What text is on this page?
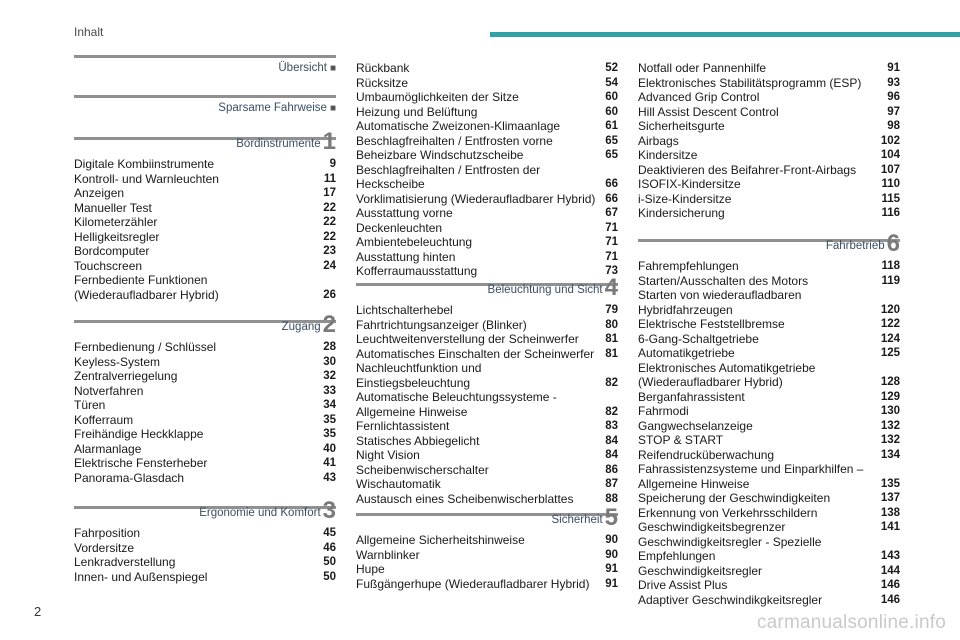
Inhalt
Übersicht ■
Sparsame Fahrweise ■
Bordinstrumente1
Digitale Kombiinstrumente	9
Kontroll- und Warnleuchten	11
Anzeigen	17
Manueller Test	22
Kilometerzähler	22
Helligkeitsregler	22
Bordcomputer	23
Touchscreen	24
Fernbediente Funktionen
(Wiederaufladbarer Hybrid)	26
Zugang2
Fernbedienung / Schlüssel	28
Keyless-System	30
Zentralverriegelung	32
Notverfahren	33
Türen	34
Kofferraum	35
Freihändige Heckklappe	35
Alarmanlage	40
Elektrische Fensterheber	41
Panorama-Glasdach	43
Ergonomie und Komfort3
Fahrposition	45
Vordersitze	46
Lenkradverstellung	50
Innen- und Außenspiegel	50
Rückbank	52
Rücksitze	54
Umbaumöglichkeiten der Sitze	60
Heizung und Belüftung	60
Automatische Zweizonen-Klimaanlage	61
Beschlagfreihalten / Entfrosten vorne	65
Beheizbare Windschutzscheibe	65
Beschlagfreihalten / Entfrosten der Heckscheibe	66
Vorklimatisierung (Wiederaufladbarer Hybrid) 66
Ausstattung vorne	67
Deckenleuchten	71
Ambientebeleuchtung	71
Ausstattung hinten	71
Kofferraumausstattung	73
Beleuchtung und Sicht4
Lichtschalterhebel	79
Fahrtrichtungsanzeiger (Blinker)	80
Leuchtweitenverstellung der Scheinwerfer	81
Automatisches Einschalten der Scheinwerfer 81
Nachleuchtfunktion und Einstiegsbeleuchtung	82
Automatische Beleuchtungssysteme -
Allgemeine Hinweise	82
Fernlichtassistent	83
Statisches Abbiegelicht	84
Night Vision	84
Scheibenwischerschalter	86
Wischautomatik	87
Austausch eines Scheibenwischerblattes	88
Sicherheit5
Allgemeine Sicherheitshinweise	90
Warnblinker	90
Hupe	91
Fußgängerhupe (Wiederaufladbarer Hybrid)	91
Notfall oder Pannenhilfe	91
Elektronisches Stabilitätsprogramm (ESP)	93
Advanced Grip Control	96
Hill Assist Descent Control	97
Sicherheitsgurte	98
Airbags	102
Kindersitze	104
Deaktivieren des Beifahrer-Front-Airbags	107
ISOFIX-Kindersitze	110
i-Size-Kindersitze	115
Kindersicherung	116
Fahrbetrieb6
Fahrempfehlungen	118
Starten/Ausschalten des Motors	119
Starten von wiederaufladbaren Hybridfahrzeugen	120
Elektrische Feststellbremse	122
6-Gang-Schaltgetriebe	124
Automatikgetriebe	125
Elektronisches Automatikgetriebe
(Wiederaufladbarer Hybrid)	128
Berganfahrassistent	129
Fahrmodi	130
Gangwechselanzeige	132
STOP & START	132
Reifendrucküberwachung	134
Fahrassistenzsysteme und Einparkhilfen –
Allgemeine Hinweise	135
Speicherung der Geschwindigkeiten	137
Erkennung von Verkehrsschildern	138
Geschwindigkeitsbegrenzer	141
Geschwindigkeitsregler - Spezielle
Empfehlungen	143
Geschwindigkeitsregler	144
Drive Assist Plus	146
Adaptiver Geschwindikgkeitsregler	146
2
carmanualsonline.info
